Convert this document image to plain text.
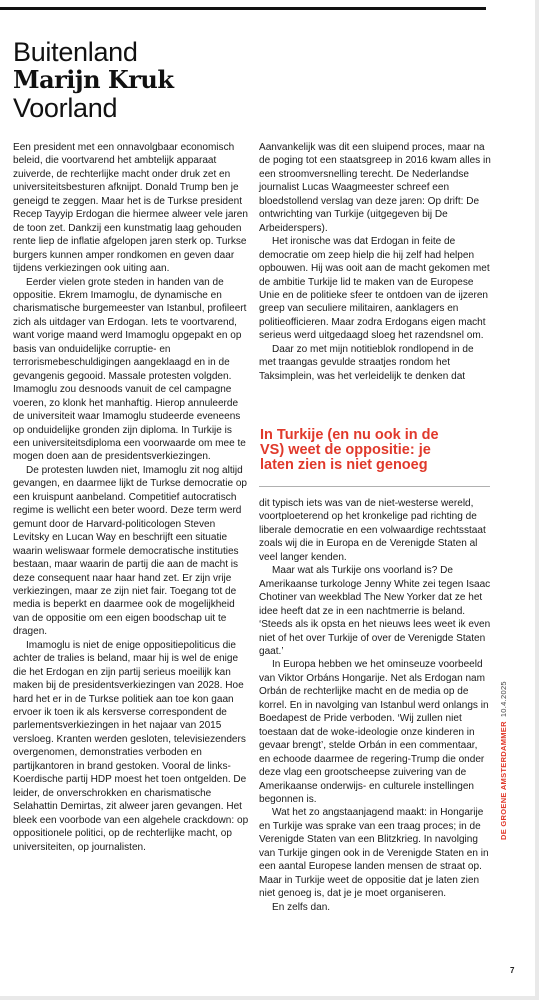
Buitenland
Marijn Kruk
Voorland

Een president met een onnavolgbaar economisch beleid, die voortvarend het ambtelijk apparaat zuiverde, de rechterlijke macht onder druk zet en universiteitsbesturen afknijpt. Donald Trump ben je geneigd te zeggen. Maar het is de Turkse president Recep Tayyip Erdogan die hiermee alweer vele jaren de toon zet. Dankzij een kunstmatig laag gehouden rente liep de inflatie afgelopen jaren sterk op. Turkse burgers kunnen amper rondkomen en geven daar tijdens verkiezingen ook uiting aan.

Eerder vielen grote steden in handen van de oppositie. Ekrem Imamoglu, de dynamische en charismatische burgemeester van Istanbul, profileert zich als uitdager van Erdogan. Iets te voortvarend, want vorige maand werd Imamoglu opgepakt en op basis van onduidelijke corruptie- en terrorismebeschuldigingen aangeklaagd en in de gevangenis gegooid. Massale protesten volgden. Imamoglu zou desnoods vanuit de cel campagne voeren, zo klonk het manhaftig. Hierop annuleerde de universiteit waar Imamoglu studeerde eveneens op onduidelijke gronden zijn diploma. In Turkije is een universiteitsdiploma een voorwaarde om mee te mogen doen aan de presidentsverkiezingen.

De protesten luwden niet, Imamoglu zit nog altijd gevangen, en daarmee lijkt de Turkse democratie op een kruispunt aanbeland. Competitief autocratisch regime is wellicht een beter woord. Deze term werd gemunt door de Harvard-politicologen Steven Levitsky en Lucan Way en beschrijft een situatie waarin weliswaar formele democratische instituties bestaan, maar waarin de partij die aan de macht is deze consequent naar haar hand zet. Er zijn vrije verkiezingen, maar ze zijn niet fair. Toegang tot de media is beperkt en daarmee ook de mogelijkheid van de oppositie om een eigen boodschap uit te dragen.

Imamoglu is niet de enige oppositiepoliticus die achter de tralies is beland, maar hij is wel de enige die het Erdogan en zijn partij serieus moeilijk kan maken bij de presidentsverkiezingen van 2028. Hoe hard het er in de Turkse politiek aan toe kon gaan ervoer ik toen ik als kersverse correspondent de parlementsverkiezingen in het najaar van 2015 versloeg. Kranten werden gesloten, televisiezenders overgenomen, demonstraties verboden en partijkantoren in brand gestoken. Vooral de links-Koerdische partij HDP moest het toen ontgelden. De leider, de onverschrokken en charismatische Selahattin Demirtas, zit alweer jaren gevangen. Het bleek een voorbode van een algehele crackdown: op oppositionele politici, op de rechterlijke macht, op universiteiten, op journalisten.

Aanvankelijk was dit een sluipend proces, maar na de poging tot een staatsgreep in 2016 kwam alles in een stroomversnelling terecht. De Nederlandse journalist Lucas Waagmeester schreef een bloedstollend verslag van deze jaren: Op drift: De ontwrichting van Turkije (uitgegeven bij De Arbeiderspers).

Het ironische was dat Erdogan in feite de democratie om zeep hielp die hij zelf had helpen opbouwen. Hij was ooit aan de macht gekomen met de ambitie Turkije lid te maken van de Europese Unie en de politieke sfeer te ontdoen van de ijzeren greep van seculiere militairen, aanklagers en politieofficieren. Maar zodra Erdogans eigen macht serieus werd uitgedaagd sloeg het razendsnel om.

Daar zo met mijn notitieblok rondlopend in de met traangas gevulde straatjes rondom het Taksimplein, was het verleidelijk te denken dat

In Turkije (en nu ook in de VS) weet de oppositie: je laten zien is niet genoeg

dit typisch iets was van de niet-westerse wereld, voortploeterend op het kronkelige pad richting de liberale democratie en een volwaardige rechtsstaat zoals wij die in Europa en de Verenigde Staten al veel langer kenden.

Maar wat als Turkije ons voorland is? De Amerikaanse turkologe Jenny White zei tegen Isaac Chotiner van weekblad The New Yorker dat ze het idee heeft dat ze in een nachtmerrie is beland. ‘Steeds als ik opsta en het nieuws lees weet ik even niet of het over Turkije of over de Verenigde Staten gaat.’

In Europa hebben we het ominseuze voorbeeld van Viktor Orbáns Hongarije. Net als Erdogan nam Orbán de rechterlijke macht en de media op de korrel. En in navolging van Istanbul werd onlangs in Boedapest de Pride verboden. ‘Wij zullen niet toestaan dat de woke-ideologie onze kinderen in gevaar brengt’, stelde Orbán in een commentaar, en echoode daarmee de regering-Trump die onder deze vlag een grootscheepse zuivering van de Amerikaanse onderwijs- en culturele instellingen begonnen is.

Wat het zo angstaanjagend maakt: in Hongarije en Turkije was sprake van een traag proces; in de Verenigde Staten van een Blitzkrieg. In navolging van Turkije gingen ook in de Verenigde Staten en in een aantal Europese landen mensen de straat op. Maar in Turkije weet de oppositie dat je laten zien niet genoeg is, dat je je moet organiseren.

En zelfs dan.

DE GROENE AMSTERDAMMER10.4.2025
7
